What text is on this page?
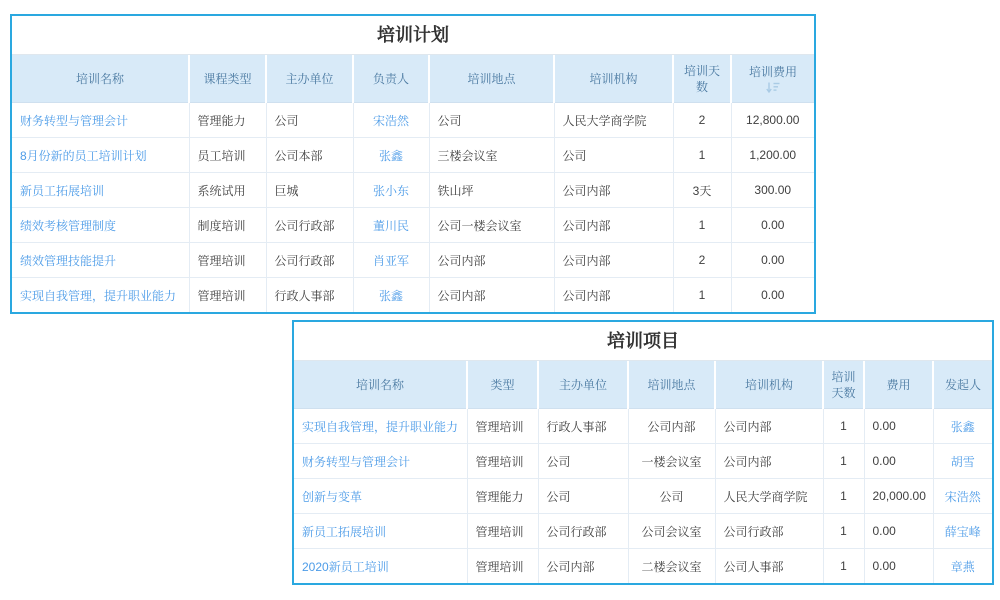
培训计划
培训名称	课程类型	主办单位	负责人	培训地点	培训机构	培训天数	培训费用

财务转型与管理会计	管理能力	公司	宋浩然	公司	人民大学商学院	2	12,800.00
8月份新的员工培训计划	员工培训	公司本部	张鑫	三楼会议室	公司	1	1,200.00
新员工拓展培训	系统试用	巨城	张小东	铁山坪	公司内部	3天	300.00
绩效考核管理制度	制度培训	公司行政部	董川民	公司一楼会议室	公司内部	1	0.00
绩效管理技能提升	管理培训	公司行政部	肖亚军	公司内部	公司内部	2	0.00
实现自我管理，提升职业能力	管理培训	行政人事部	张鑫	公司内部	公司内部	1	0.00
培训项目
培训名称	类型	主办单位	培训地点	培训机构	培训天数	费用	发起人
实现自我管理，提升职业能力	管理培训	行政人事部	公司内部	公司内部	1	0.00	张鑫
财务转型与管理会计	管理培训	公司	一楼会议室	公司内部	1	0.00	胡雪
创新与变革	管理能力	公司	公司	人民大学商学院	1	20,000.00	宋浩然
新员工拓展培训	管理培训	公司行政部	公司会议室	公司行政部	1	0.00	薛宝峰
2020新员工培训	管理培训	公司内部	二楼会议室	公司人事部	1	0.00	章燕
